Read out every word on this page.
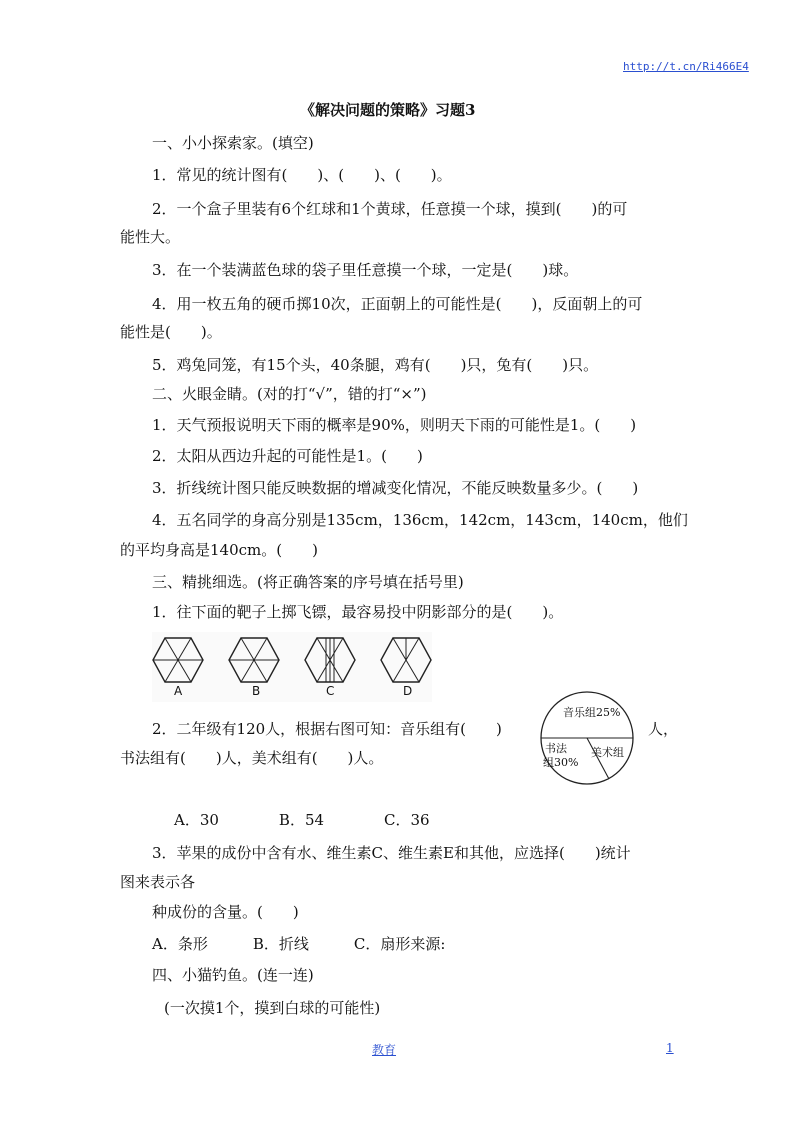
http://t.cn/Ri466E4
《解决问题的策略》习题3
一、小小探索家。(填空)
1．常见的统计图有(　　)、(　　)、(　　)。
2．一个盒子里装有6个红球和1个黄球，任意摸一个球，摸到(　　)的可
能性大。
3．在一个装满蓝色球的袋子里任意摸一个球，一定是(　　)球。
4．用一枚五角的硬币掷10次，正面朝上的可能性是(　　)，反面朝上的可
能性是(　　)。
5．鸡兔同笼，有15个头，40条腿，鸡有(　　)只，兔有(　　)只。
二、火眼金睛。(对的打“√”，错的打“×”)
1．天气预报说明天下雨的概率是90%，则明天下雨的可能性是1。(　　)
2．太阳从西边升起的可能性是1。(　　)
3．折线统计图只能反映数据的增减变化情况，不能反映数量多少。(　　)
4．五名同学的身高分别是135cm，136cm，142cm，143cm，140cm，他们
的平均身高是140cm。(　　)
三、精挑细选。(将正确答案的序号填在括号里)
1．往下面的靶子上掷飞镖，最容易投中阴影部分的是(　　)。
A	B	C	D
2．二年级有120人，根据右图可知：音乐组有(　　)	人，
书法组有(　　)人，美术组有(　　)人。
音乐组25%
书法
组30%
美术组
A．30　　　　B．54　　　　C．36
3．苹果的成份中含有水、维生素C、维生素E和其他，应选择(　　)统计
图来表示各
种成份的含量。(　　)
A．条形　　　B．折线　　　C．扇形来源:
四、小猫钓鱼。(连一连)
(一次摸1个，摸到白球的可能性)
教育	1
